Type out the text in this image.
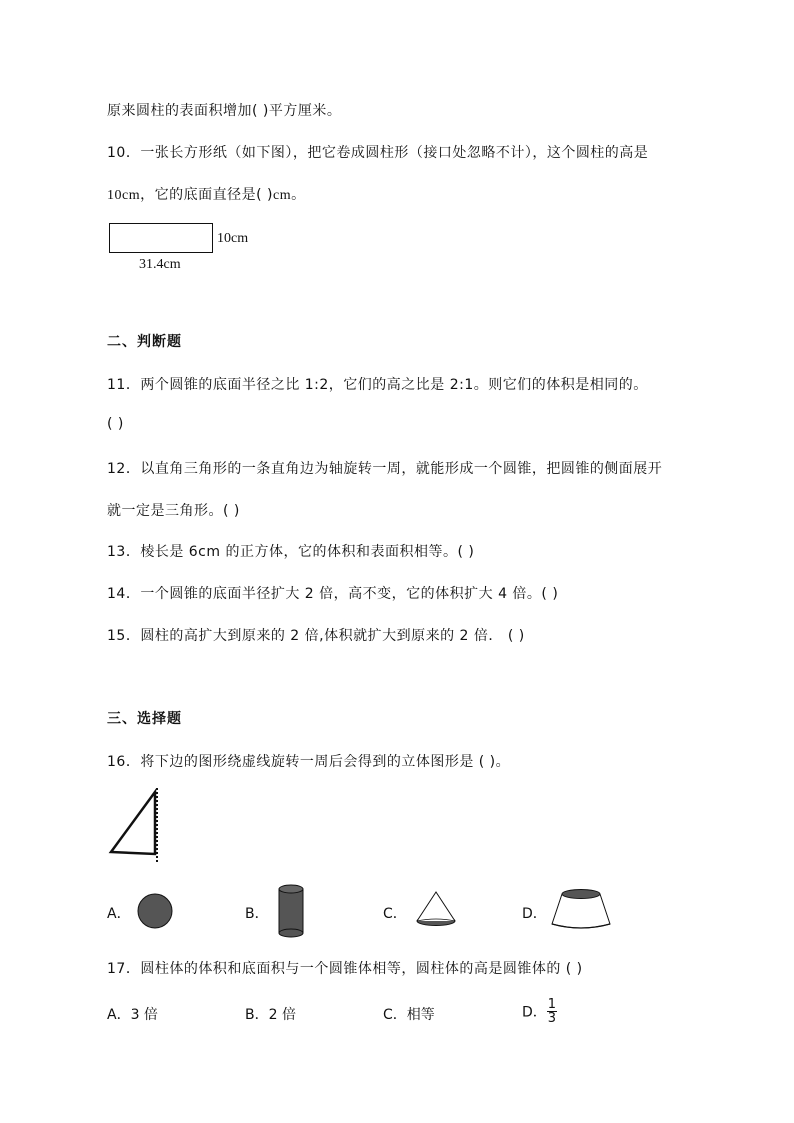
原来圆柱的表面积增加( )平方厘米。
10．一张长方形纸（如下图），把它卷成圆柱形（接口处忽略不计），这个圆柱的高是
10cm，它的底面直径是( )cm。
10cm
31.4cm
二、判断题
11．两个圆锥的底面半径之比 1:2，它们的高之比是 2:1。则它们的体积是相同的。
( )
12．以直角三角形的一条直角边为轴旋转一周，就能形成一个圆锥，把圆锥的侧面展开
就一定是三角形。( )
13．棱长是 6cm 的正方体，它的体积和表面积相等。( )
14．一个圆锥的底面半径扩大 2 倍，高不变，它的体积扩大 4 倍。( )
15．圆柱的高扩大到原来的 2 倍,体积就扩大到原来的 2 倍． ( )
三、选择题
16．将下边的图形绕虚线旋转一周后会得到的立体图形是 ( )。
A．	B．	C．	D．
17．圆柱体的体积和底面积与一个圆锥体相等，圆柱体的高是圆锥体的 ( )
A．3 倍	B．2 倍	C．相等	D． $\frac{1}{3}$
